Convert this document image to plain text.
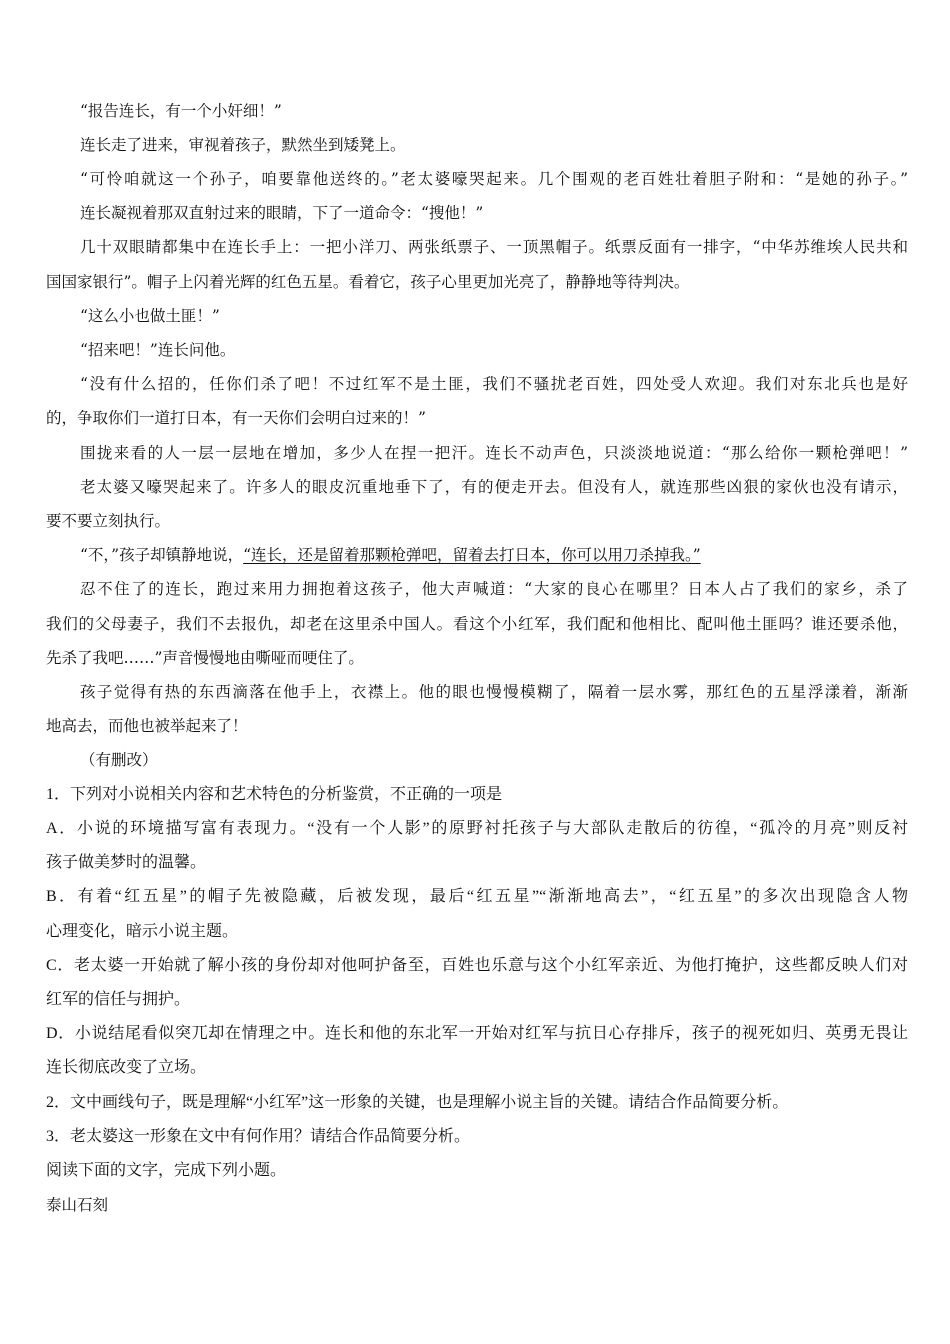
“报告连长，有一个小奸细！”
连长走了进来，审视着孩子，默然坐到矮凳上。
“可怜咱就这一个孙子，咱要靠他送终的。”老太婆嚎哭起来。几个围观的老百姓壮着胆子附和：“是她的孙子。”
连长凝视着那双直射过来的眼睛，下了一道命令：“搜他！”
几十双眼睛都集中在连长手上：一把小洋刀、两张纸票子、一顶黑帽子。纸票反面有一排字，“中华苏维埃人民共和
国国家银行”。帽子上闪着光辉的红色五星。看着它，孩子心里更加光亮了，静静地等待判决。
“这么小也做土匪！”
“招来吧！”连长问他。
“没有什么招的，任你们杀了吧！不过红军不是土匪，我们不骚扰老百姓，四处受人欢迎。我们对东北兵也是好
的，争取你们一道打日本，有一天你们会明白过来的！”
围拢来看的人一层一层地在增加，多少人在捏一把汗。连长不动声色，只淡淡地说道：“那么给你一颗枪弹吧！”
老太婆又嚎哭起来了。许多人的眼皮沉重地垂下了，有的便走开去。但没有人，就连那些凶狠的家伙也没有请示，
要不要立刻执行。
“不，”孩子却镇静地说，“连长，还是留着那颗枪弹吧，留着去打日本，你可以用刀杀掉我。”
忍不住了的连长，跑过来用力拥抱着这孩子，他大声喊道：“大家的良心在哪里？日本人占了我们的家乡，杀了
我们的父母妻子，我们不去报仇，却老在这里杀中国人。看这个小红军，我们配和他相比、配叫他土匪吗？谁还要杀他，
先杀了我吧……”声音慢慢地由嘶哑而哽住了。
孩子觉得有热的东西滴落在他手上，衣襟上。他的眼也慢慢模糊了，隔着一层水雾，那红色的五星浮漾着，渐渐
地高去，而他也被举起来了！
（有删改）
1．下列对小说相关内容和艺术特色的分析鉴赏，不正确的一项是
A．小说的环境描写富有表现力。“没有一个人影”的原野衬托孩子与大部队走散后的彷徨，“孤冷的月亮”则反衬
孩子做美梦时的温馨。
B．有着“红五星”的帽子先被隐藏，后被发现，最后“红五星”“渐渐地高去”，“红五星”的多次出现隐含人物
心理变化，暗示小说主题。
C．老太婆一开始就了解小孩的身份却对他呵护备至，百姓也乐意与这个小红军亲近、为他打掩护，这些都反映人们对
红军的信任与拥护。
D．小说结尾看似突兀却在情理之中。连长和他的东北军一开始对红军与抗日心存排斥，孩子的视死如归、英勇无畏让
连长彻底改变了立场。
2．文中画线句子，既是理解“小红军”这一形象的关键，也是理解小说主旨的关键。请结合作品简要分析。
3．老太婆这一形象在文中有何作用？请结合作品简要分析。
阅读下面的文字，完成下列小题。
泰山石刻
